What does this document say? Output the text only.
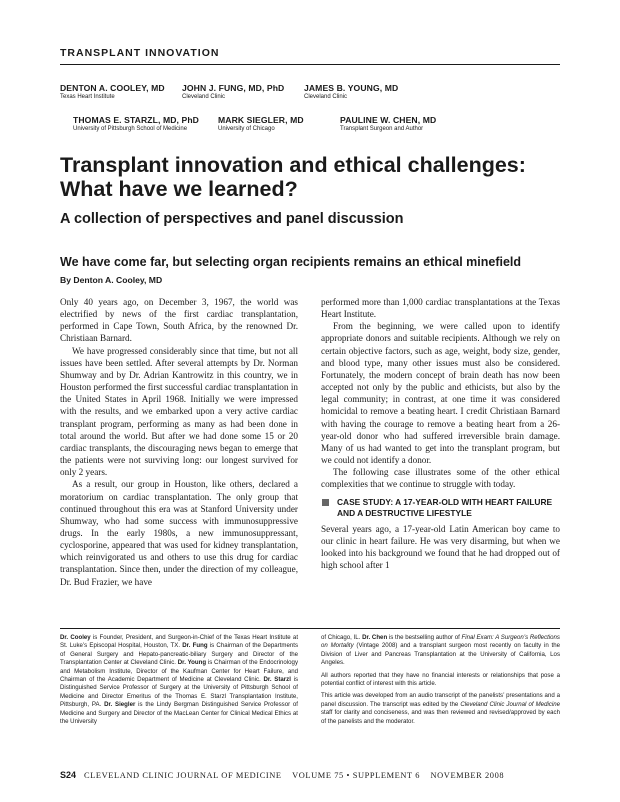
TRANSPLANT INNOVATION
DENTON A. COOLEY, MD
Texas Heart Institute
JOHN J. FUNG, MD, PhD
Cleveland Clinic
JAMES B. YOUNG, MD
Cleveland Clinic
THOMAS E. STARZL, MD, PhD
University of Pittsburgh School of Medicine
MARK SIEGLER, MD
University of Chicago
PAULINE W. CHEN, MD
Transplant Surgeon and Author
Transplant innovation and ethical challenges:
What have we learned?
A collection of perspectives and panel discussion
We have come far, but selecting organ recipients remains an ethical minefield
By Denton A. Cooley, MD

Only 40 years ago, on December 3, 1967, the world was electrified by news of the first cardiac transplantation, performed in Cape Town, South Africa, by the renowned Dr. Christiaan Barnard.

We have progressed considerably since that time, but not all issues have been settled. After several attempts by Dr. Norman Shumway and by Dr. Adrian Kantrowitz in this country, we in Houston performed the first successful cardiac transplantation in the United States in April 1968. Initially we were impressed with the results, and we embarked upon a very active cardiac transplant program, performing as many as had been done in total around the world. But after we had done some 15 or 20 cardiac transplants, the discouraging news began to emerge that the patients were not surviving long: our longest survived for only 2 years.

As a result, our group in Houston, like others, declared a moratorium on cardiac transplantation. The only group that continued throughout this era was at Stanford University under Shumway, who had some success with immunosuppressive drugs. In the early 1980s, a new immunosuppressant, cyclosporine, appeared that was used for kidney transplantation, which reinvigorated us and others to use this drug for cardiac transplantation. Since then, under the direction of my colleague, Dr. Bud Frazier, we have

performed more than 1,000 cardiac transplantations at the Texas Heart Institute.

From the beginning, we were called upon to identify appropriate donors and suitable recipients. Although we rely on certain objective factors, such as age, weight, body size, gender, and blood type, many other issues must also be considered. Fortunately, the modern concept of brain death has now been accepted not only by the public and ethicists, but also by the legal community; in contrast, at one time it was considered homicidal to remove a beating heart. I credit Christiaan Barnard with having the courage to remove a beating heart from a 26-year-old donor who had suffered irreversible brain damage. Many of us had wanted to get into the transplant program, but we could not identify a donor.

The following case illustrates some of the other ethical complexities that we continue to struggle with today.

CASE STUDY: A 17-YEAR-OLD WITH HEART FAILURE
AND A DESTRUCTIVE LIFESTYLE

Several years ago, a 17-year-old Latin American boy came to our clinic in heart failure. He was very disarming, but when we looked into his background we found that he had dropped out of high school after 1

Dr. Cooley is Founder, President, and Surgeon-in-Chief of the Texas Heart Institute at St. Luke’s Episcopal Hospital, Houston, TX. Dr. Fung is Chairman of the Departments of General Surgery and Hepato-pancreatic-biliary Surgery and Director of the Transplantation Center at Cleveland Clinic. Dr. Young is Chairman of the Endocrinology and Metabolism Institute, Director of the Kaufman Center for Heart Failure, and Chairman of the Academic Department of Medicine at Cleveland Clinic. Dr. Starzl is Distinguished Service Professor of Surgery at the University of Pittsburgh School of Medicine and Director Emeritus of the Thomas E. Starzl Transplantation Institute, Pittsburgh, PA. Dr. Siegler is the Lindy Bergman Distinguished Service Professor of Medicine and Surgery and Director of the MacLean Center for Clinical Medical Ethics at the University

of Chicago, IL. Dr. Chen is the bestselling author of Final Exam: A Surgeon’s Reflections on Mortality (Vintage 2008) and a transplant surgeon most recently on faculty in the Division of Liver and Pancreas Transplantation at the University of California, Los Angeles.

All authors reported that they have no financial interests or relationships that pose a potential conflict of interest with this article.

This article was developed from an audio transcript of the panelists’ presentations and a panel discussion. The transcript was edited by the Cleveland Clinic Journal of Medicine staff for clarity and conciseness, and was then reviewed and revised/approved by each of the panelists and the moderator.

S24 CLEVELAND CLINIC JOURNAL OF MEDICINE VOLUME 75 • SUPPLEMENT 6 NOVEMBER 2008
